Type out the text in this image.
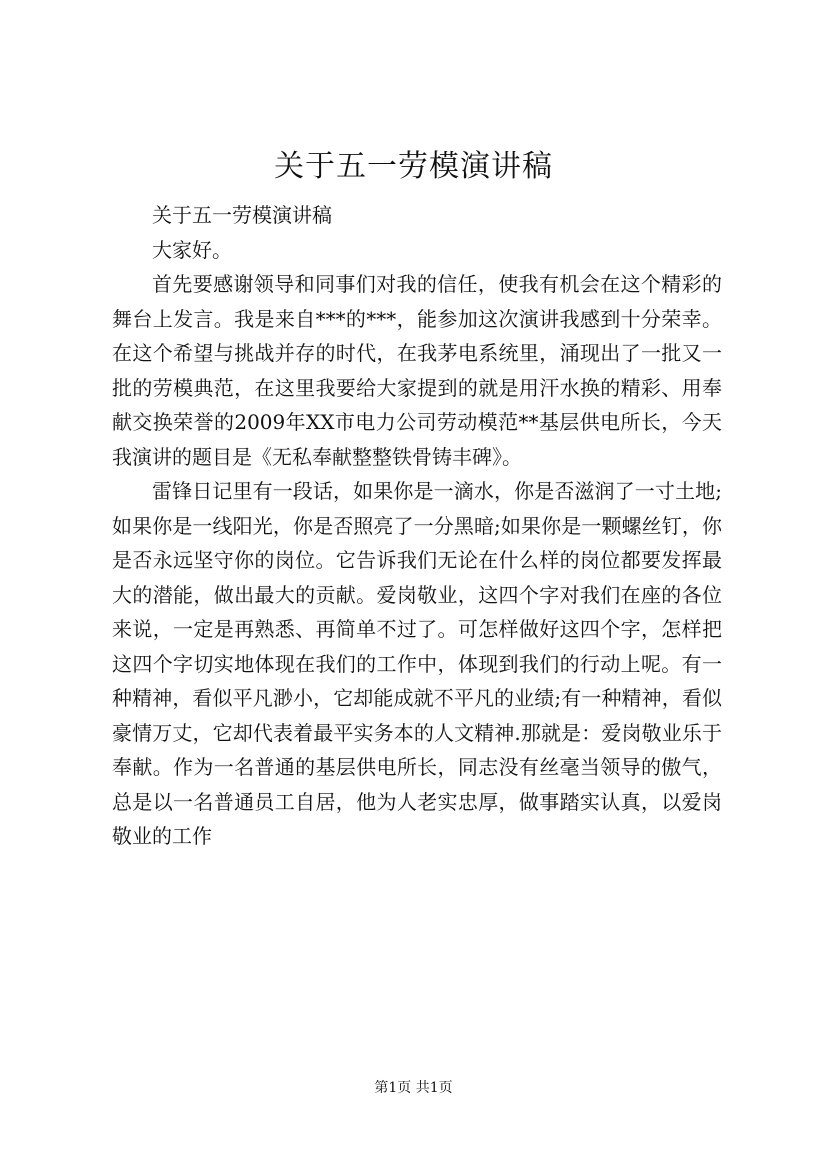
关于五一劳模演讲稿

关于五一劳模演讲稿

大家好。

首先要感谢领导和同事们对我的信任，使我有机会在这个精彩的舞台上发言。我是来自***的***，能参加这次演讲我感到十分荣幸。在这个希望与挑战并存的时代，在我茅电系统里，涌现出了一批又一批的劳模典范，在这里我要给大家提到的就是用汗水换的精彩、用奉献交换荣誉的2009年XX市电力公司劳动模范**基层供电所长，今天我演讲的题目是《无私奉献整整铁骨铸丰碑》。

雷锋日记里有一段话，如果你是一滴水，你是否滋润了一寸土地;如果你是一线阳光，你是否照亮了一分黑暗;如果你是一颗螺丝钉，你是否永远坚守你的岗位。它告诉我们无论在什么样的岗位都要发挥最大的潜能，做出最大的贡献。爱岗敬业，这四个字对我们在座的各位来说，一定是再熟悉、再简单不过了。可怎样做好这四个字，怎样把这四个字切实地体现在我们的工作中，体现到我们的行动上呢。有一种精神，看似平凡渺小，它却能成就不平凡的业绩;有一种精神，看似豪情万丈，它却代表着最平实务本的人文精神.那就是：爱岗敬业乐于奉献。作为一名普通的基层供电所长，同志没有丝毫当领导的傲气，总是以一名普通员工自居，他为人老实忠厚，做事踏实认真，以爱岗敬业的工作

第1页 共1页
